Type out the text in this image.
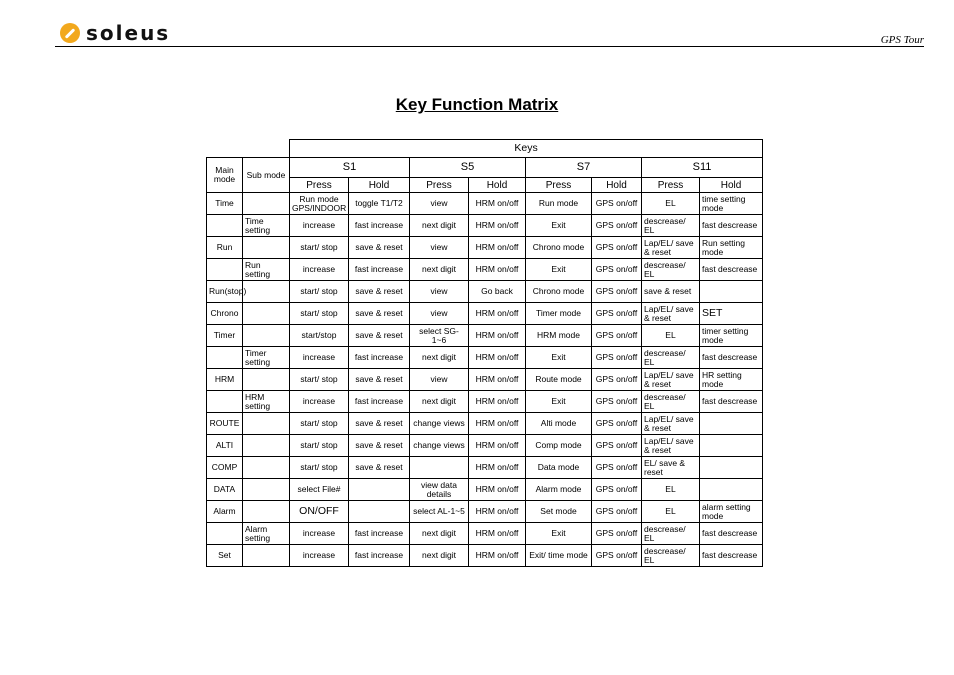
soleus	GPS Tour
Key Function Matrix
		Keys							
Main mode	Sub mode	S1		S5		S7		S11	
		Press	Hold	Press	Hold	Press	Hold	Press	Hold
Time		Run mode GPS/INDOOR	toggle T1/T2	view	HRM on/off	Run mode	GPS on/off	EL	time setting mode
	Time setting	increase	fast increase	next digit	HRM on/off	Exit	GPS on/off	descrease/ EL	fast descrease
Run		start/ stop	save & reset	view	HRM on/off	Chrono mode	GPS on/off	Lap/EL/ save & reset	Run setting mode
	Run setting	increase	fast increase	next digit	HRM on/off	Exit	GPS on/off	descrease/ EL	fast descrease
Run(stop)		start/ stop	save & reset	view	Go back	Chrono mode	GPS on/off	save & reset	
Chrono		start/ stop	save & reset	view	HRM on/off	Timer mode	GPS on/off	Lap/EL/ save & reset	SET
Timer		start/stop	save & reset	select SG-1~6	HRM on/off	HRM mode	GPS on/off	EL	timer setting mode
	Timer setting	increase	fast increase	next digit	HRM on/off	Exit	GPS on/off	descrease/ EL	fast descrease
HRM		start/ stop	save & reset	view	HRM on/off	Route mode	GPS on/off	Lap/EL/ save & reset	HR setting mode
	HRM setting	increase	fast increase	next digit	HRM on/off	Exit	GPS on/off	descrease/ EL	fast descrease
ROUTE		start/ stop	save & reset	change views	HRM on/off	Alti mode	GPS on/off	Lap/EL/ save & reset	
ALTI		start/ stop	save & reset	change views	HRM on/off	Comp mode	GPS on/off	Lap/EL/ save & reset	
COMP		start/ stop	save & reset		HRM on/off	Data mode	GPS on/off	EL/ save & reset	
DATA		select File#		view data details	HRM on/off	Alarm mode	GPS on/off	EL	
Alarm		ON/OFF		select AL-1~5	HRM on/off	Set mode	GPS on/off	EL	alarm setting mode
	Alarm setting	increase	fast increase	next digit	HRM on/off	Exit	GPS on/off	descrease/ EL	fast descrease
Set		increase	fast increase	next digit	HRM on/off	Exit/ time mode	GPS on/off	descrease/ EL	fast descrease
